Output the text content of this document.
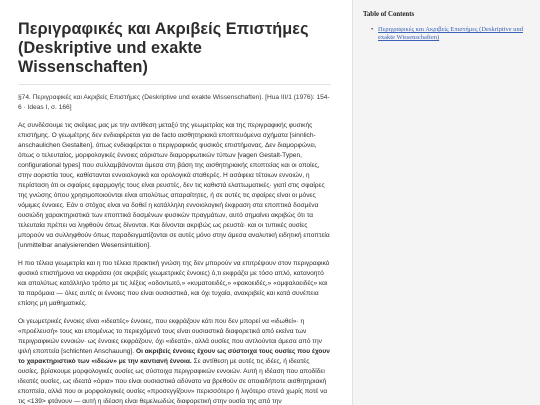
Περιγραφικές και Ακριβείς Επιστήμες
(Deskriptive und exakte Wissenschaften)

§74. Περιγραφικές και Ακριβείς Επιστήμες (Deskriptive und exakte Wissenschaften). [Hua III/1 (1976): 154-6 · Ideas I, σ. 166]

Ας συνδέσουμε τις σκέψεις μας με την αντίθεση μεταξύ της γεωμετρίας και της περιγραφικής φυσικής επιστήμης. Ο γεωμέτρης δεν ενδιαφέρεται για de facto αισθητηριακά εποπτευόμενα σχήματα [sinnlich-anschaulichen Gestalten], όπως ενδιαφέρεται ο περιγραφικός φυσικός επιστήμονας. Δεν διαμορφώνει, όπως ο τελευταίος, μορφολογικές έννοιες αόριστων διαμορφωτικών τύπων [vagen Gestalt-Typen, configurational types] που συλλαμβάνονται άμεσα στη βάση της αισθητηριακής εποπτείας και οι οποίες, στην αοριστία τους, καθίστανται εννοιολογικά και ορολογικά σταθερές. Η ασάφεια τέτοιων εννοιών, η περίσταση ότι οι σφαίρες εφαρμογής τους είναι ρευστές, δεν τις καθιστά ελαττωματικές· γιατί στις σφαίρες της γνώσης όπου χρησιμοποιούνται είναι απολύτως απαραίτητες, ή σε αυτές τις σφαίρες είναι οι μόνες νόμιμες έννοιες. Εάν ο στόχος είναι να δοθεί η κατάλληλη εννοιολογική έκφραση στα εποπτικά δοσμένα ουσιώδη χαρακτηριστικά των εποπτικά δοσμένων φυσικών πραγμάτων, αυτό σημαίνει ακριβώς ότι τα τελευταία πρέπει να ληφθούν όπως δίνονται. Και δίνονται ακριβώς ως ρευστά· και οι τυπικές ουσίες μπορούν να συλληφθούν όπως παραδειγματίζονται σε αυτές μόνο στην άμεσα αναλυτική ειδητική εποπτεία [unmittelbar analysierenden Wesensintuition].

Η πιο τέλεια γεωμετρία και η πιο τέλεια πρακτική γνώση της δεν μπορούν να επιτρέψουν στον περιγραφικό φυσικό επιστήμονα να εκφράσει (σε ακριβείς γεωμετρικές έννοιες) ό,τι εκφράζει με τόσο απλό, κατανοητό και απολύτως κατάλληλο τρόπο με τις λέξεις «οδοντωτό,» «κυματοειδές,» «φακοειδές,» «ομφαλοειδές» και τα παρόμοια — όλες αυτές οι έννοιες που είναι ουσιαστικά, και όχι τυχαία, ανακριβείς και κατά συνέπεια επίσης μη μαθηματικές.

Οι γεωμετρικές έννοιες είναι «ιδεατές» έννοιες, που εκφράζουν κάτι που δεν μπορεί να «ιδωθεί»· η «προέλευσή» τους και επομένως το περιεχόμενό τους είναι ουσιαστικά διαφορετικά από εκείνα των περιγραφικών εννοιών· ως έννοιες εκφράζουν, όχι «ιδεατά», αλλά ουσίες που αντλούνται άμεσα από την ψιλή εποπτεία [schlichten Anschauung]. Οι ακριβείς έννοιες έχουν ως σύστοιχα τους ουσίες που έχουν το χαρακτηριστικό των «ιδεών» με την καντιανή έννοια. Σε αντίθεση με αυτές τις ιδέες, ή ιδεατές ουσίες, βρίσκουμε μορφολογικές ουσίες ως σύστοιχα περιγραφικών εννοιών. Αυτή η ιδέαση που αποδίδει ιδεατές ουσίες, ως ιδεατά «όρια» που είναι ουσιαστικά αδύνατο να βρεθούν σε οποιαδήποτε αισθητηριακή εποπτεία, αλλά που οι μορφολογικές ουσίες «προσεγγίζουν» περισσότερο ή λιγότερο στενά χωρίς ποτέ να τις <139> φτάνουν — αυτή η ιδέαση είναι θεμελιωδώς διαφορετική στην ουσία της από την

Table of Contents
• Περιγραφικές και Ακριβείς Επιστήμες (Deskriptive und exakte Wissenschaften)
